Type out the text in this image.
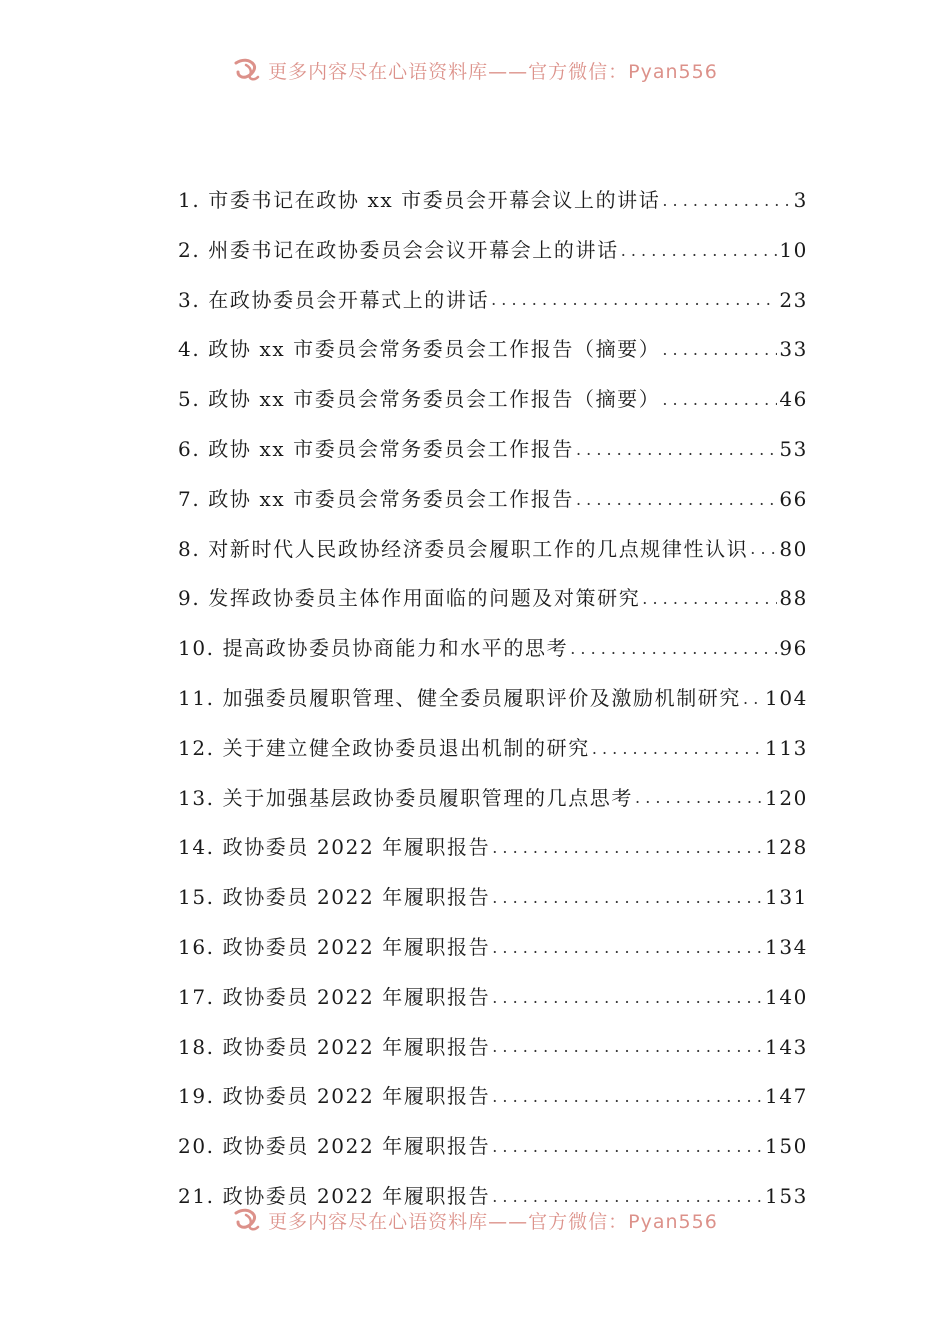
更多内容尽在心语资料库——官方微信：Pyan556
1. 市委书记在政协 xx 市委员会开幕会议上的讲话 . . .	3
2. 州委书记在政协委员会会议开幕会上的讲话 . . .	10
3. 在政协委员会开幕式上的讲话 . . .	23
4. 政协 xx 市委员会常务委员会工作报告（摘要） . . .	33
5. 政协 xx 市委员会常务委员会工作报告（摘要） . . .	46
6. 政协 xx 市委员会常务委员会工作报告 . . .	53
7. 政协 xx 市委员会常务委员会工作报告 . . .	66
8. 对新时代人民政协经济委员会履职工作的几点规律性认识 . . . 80
9. 发挥政协委员主体作用面临的问题及对策研究 . . .	88
10. 提高政协委员协商能力和水平的思考 . . .	96
11. 加强委员履职管理、健全委员履职评价及激励机制研究 . . . 104
12. 关于建立健全政协委员退出机制的研究 . . .	113
13. 关于加强基层政协委员履职管理的几点思考 . . .	120
14. 政协委员 2022 年履职报告 . . .	128
15. 政协委员 2022 年履职报告 . . .	131
16. 政协委员 2022 年履职报告 . . .	134
17. 政协委员 2022 年履职报告 . . .	140
18. 政协委员 2022 年履职报告 . . .	143
19. 政协委员 2022 年履职报告 . . .	147
20. 政协委员 2022 年履职报告 . . .	150
21. 政协委员 2022 年履职报告 . . .	153
更多内容尽在心语资料库——官方微信：Pyan556
